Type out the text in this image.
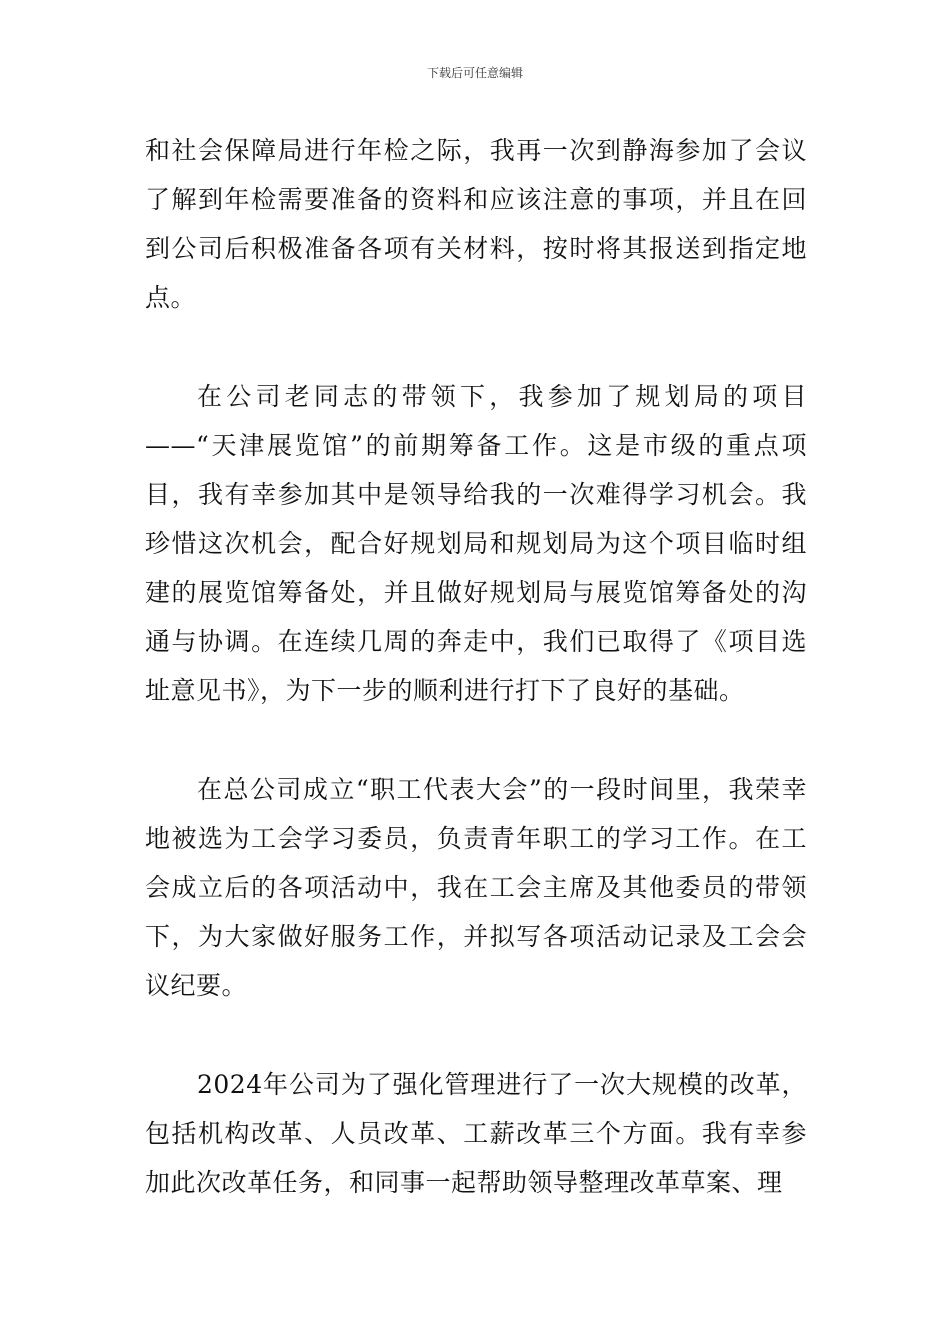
下载后可任意编辑

和社会保障局进行年检之际，我再一次到静海参加了会议了解到年检需要准备的资料和应该注意的事项，并且在回到公司后积极准备各项有关材料，按时将其报送到指定地点。

在公司老同志的带领下，我参加了规划局的项目——“天津展览馆”的前期筹备工作。这是市级的重点项目，我有幸参加其中是领导给我的一次难得学习机会。我珍惜这次机会，配合好规划局和规划局为这个项目临时组建的展览馆筹备处，并且做好规划局与展览馆筹备处的沟通与协调。在连续几周的奔走中，我们已取得了《项目选址意见书》，为下一步的顺利进行打下了良好的基础。

在总公司成立“职工代表大会”的一段时间里，我荣幸地被选为工会学习委员，负责青年职工的学习工作。在工会成立后的各项活动中，我在工会主席及其他委员的带领下，为大家做好服务工作，并拟写各项活动记录及工会会议纪要。

2024年公司为了强化管理进行了一次大规模的改革，包括机构改革、人员改革、工薪改革三个方面。我有幸参加此次改革任务，和同事一起帮助领导整理改革草案、理
